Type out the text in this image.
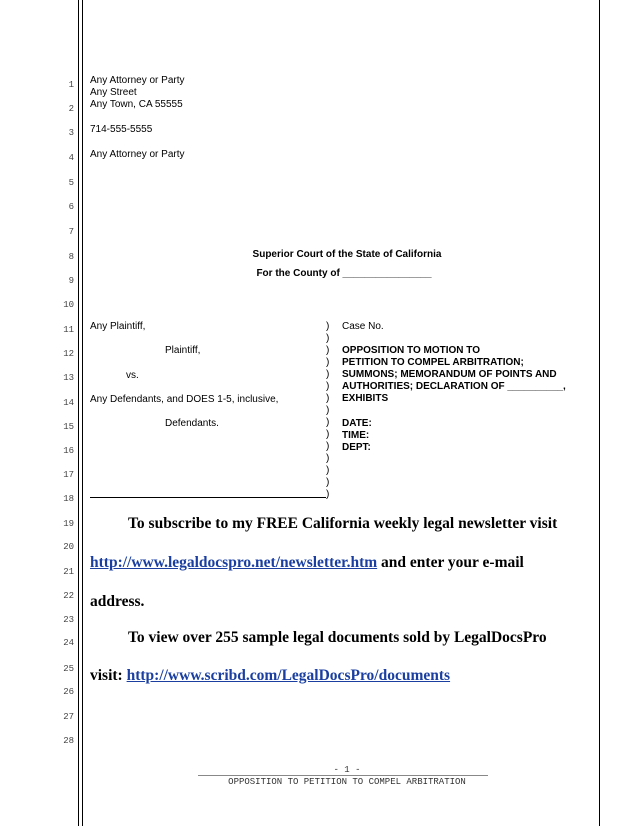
1
2
3
4
5
6
7
8
9
10
11
12
13
14
15
16
17
18
19
20
21
22
23
24
25
26
27
28
Any Attorney or Party
Any Street
Any Town, CA 55555
714-555-5555
Any Attorney or Party
Superior Court of the State of California
For the County of ________________
Any Plaintiff,
Plaintiff,
vs.
Any Defendants, and DOES 1-5, inclusive,
Defendants.
)
)
)
)
)
)
)
)
)
)
)
)
)
)
)
Case No.
OPPOSITION TO MOTION TO
PETITION TO COMPEL ARBITRATION;
SUMMONS; MEMORANDUM OF POINTS AND
AUTHORITIES; DECLARATION OF __________,
EXHIBITS
DATE:
TIME:
DEPT:
To subscribe to my FREE California weekly legal newsletter visit
http://www.legaldocspro.net/newsletter.htm and enter your e-mail
address.
To view over 255 sample legal documents sold by LegalDocsPro
visit: http://www.scribd.com/LegalDocsPro/documents
- 1 -
OPPOSITION TO PETITION TO COMPEL ARBITRATION
